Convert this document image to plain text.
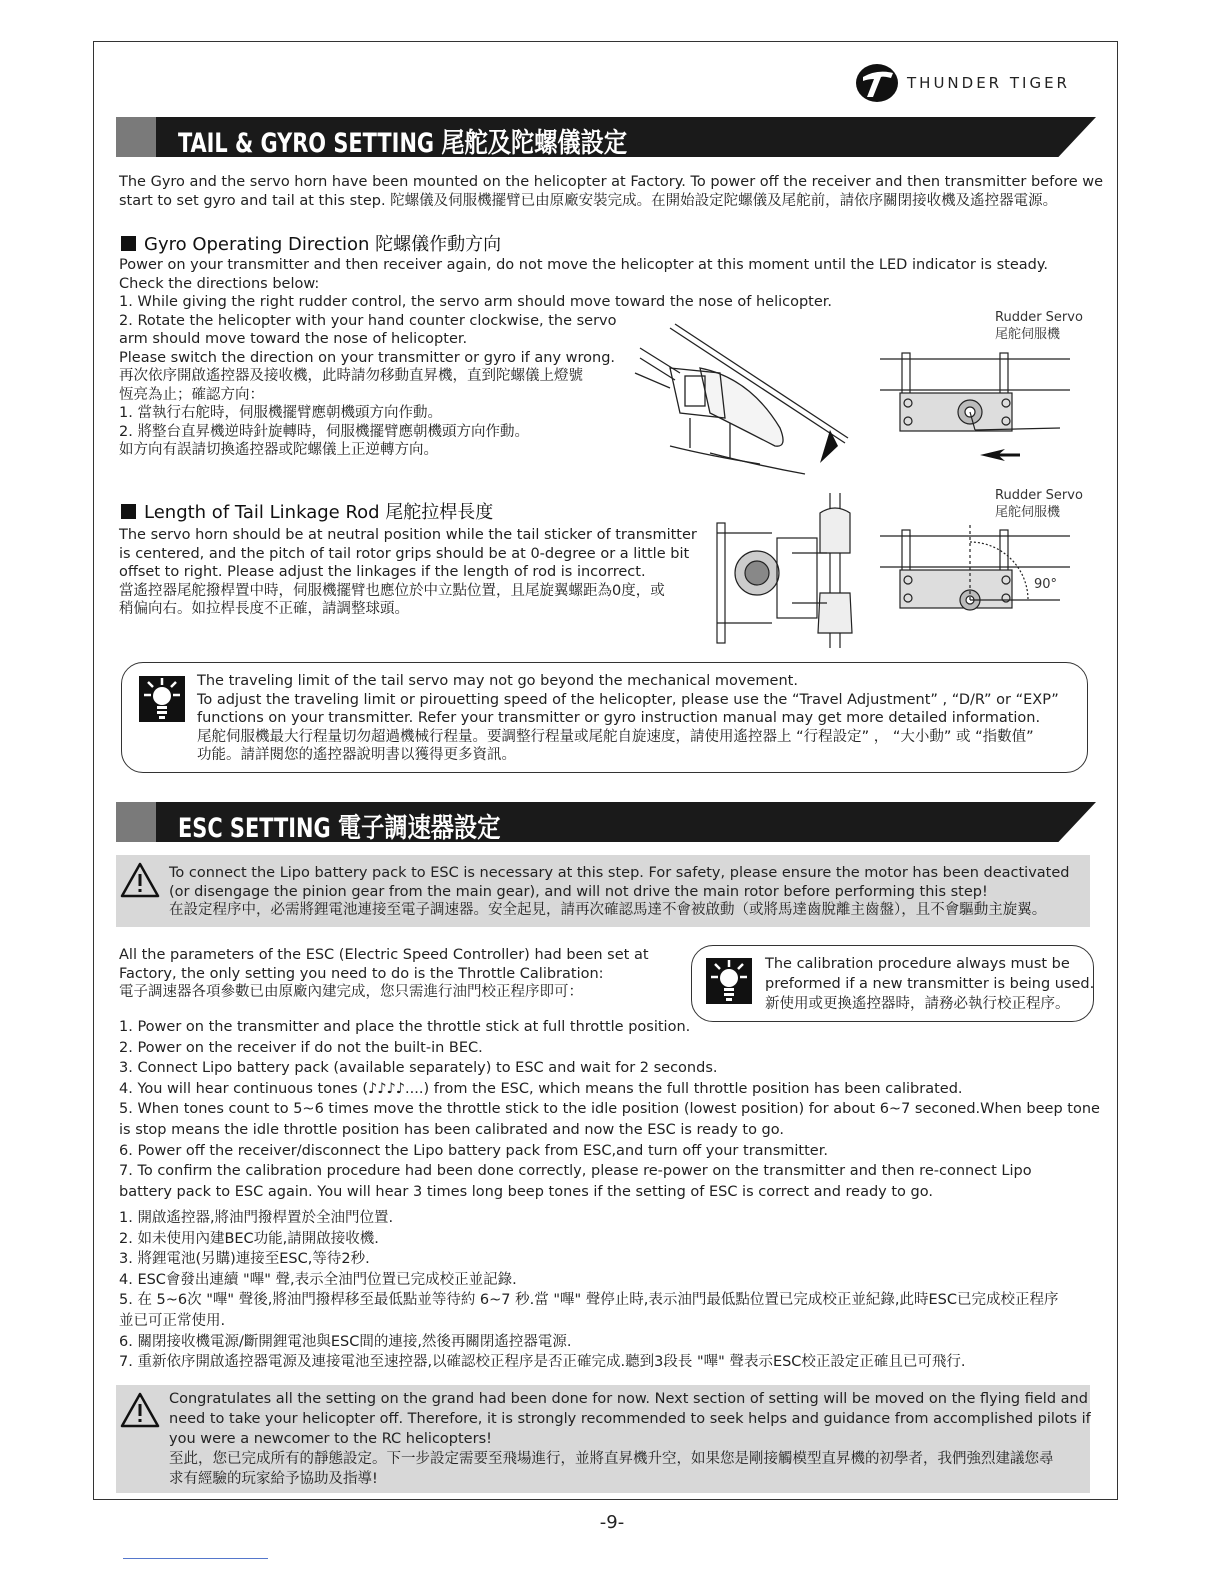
THUNDER TIGER
TAIL & GYRO SETTING 尾舵及陀螺儀設定
The Gyro and the servo horn have been mounted on the helicopter at Factory. To power off the receiver and then transmitter before we
start to set gyro and tail at this step. 陀螺儀及伺服機擺臂已由原廠安裝完成。在開始設定陀螺儀及尾舵前，請依序關閉接收機及遙控器電源。
Gyro Operating Direction 陀螺儀作動方向
Power on your transmitter and then receiver again, do not move the helicopter at this moment until the LED indicator is steady.
Check the directions below:
1. While giving the right rudder control, the servo arm should move toward the nose of helicopter.
2. Rotate the helicopter with your hand counter clockwise, the servo
arm should move toward the nose of helicopter.
Please switch the direction on your transmitter or gyro if any wrong.
再次依序開啟遙控器及接收機，此時請勿移動直昇機，直到陀螺儀上燈號
恆亮為止；確認方向：
1. 當執行右舵時，伺服機擺臂應朝機頭方向作動。
2. 將整台直昇機逆時針旋轉時，伺服機擺臂應朝機頭方向作動。
如方向有誤請切換遙控器或陀螺儀上正逆轉方向。
Rudder Servo
尾舵伺服機
Length of Tail Linkage Rod 尾舵拉桿長度
The servo horn should be at neutral position while the tail sticker of transmitter
is centered, and the pitch of tail rotor grips should be at 0-degree or a little bit
offset to right. Please adjust the linkages if the length of rod is incorrect.
當遙控器尾舵撥桿置中時，伺服機擺臂也應位於中立點位置，且尾旋翼螺距為0度，或
稍偏向右。如拉桿長度不正確，請調整球頭。
Rudder Servo
尾舵伺服機
90°
The traveling limit of the tail servo may not go beyond the mechanical movement.
To adjust the traveling limit or pirouetting speed of the helicopter, please use the “Travel Adjustment” , “D/R” or “EXP”
functions on your transmitter. Refer your transmitter or gyro instruction manual may get more detailed information.
尾舵伺服機最大行程量切勿超過機械行程量。要調整行程量或尾舵自旋速度，請使用遙控器上 “行程設定” ， “大小動” 或 “指數值”
功能。請詳閱您的遙控器說明書以獲得更多資訊。
ESC SETTING 電子調速器設定
To connect the Lipo battery pack to ESC is necessary at this step. For safety, please ensure the motor has been deactivated
(or disengage the pinion gear from the main gear), and will not drive the main rotor before performing this step!
在設定程序中，必需將鋰電池連接至電子調速器。安全起見，請再次確認馬達不會被啟動（或將馬達齒脫離主齒盤），且不會驅動主旋翼。
All the parameters of the ESC (Electric Speed Controller) had been set at
Factory, the only setting you need to do is the Throttle Calibration:
電子調速器各項參數已由原廠內建完成，您只需進行油門校正程序即可：
The calibration procedure always must be
preformed if a new transmitter is being used.
新使用或更換遙控器時，請務必執行校正程序。
1. Power on the transmitter and place the throttle stick at full throttle position.
2. Power on the receiver if do not the built-in BEC.
3. Connect Lipo battery pack (available separately) to ESC and wait for 2 seconds.
4. You will hear continuous tones (♪♪♪♪....) from the ESC, which means the full throttle position has been calibrated.
5. When tones count to 5~6 times move the throttle stick to the idle position (lowest position) for about 6~7 seconed.When beep tone
is stop means the idle throttle position has been calibrated and now the ESC is ready to go.
6. Power off the receiver/disconnect the Lipo battery pack from ESC,and turn off your transmitter.
7. To confirm the calibration procedure had been done correctly, please re-power on the transmitter and then re-connect Lipo
battery pack to ESC again. You will hear 3 times long beep tones if the setting of ESC is correct and ready to go.
1. 開啟遙控器,將油門撥桿置於全油門位置.
2. 如未使用內建BEC功能,請開啟接收機.
3. 將鋰電池(另購)連接至ESC,等待2秒.
4. ESC會發出連續 "嗶" 聲,表示全油門位置已完成校正並記錄.
5. 在 5~6次 "嗶" 聲後,將油門撥桿移至最低點並等待約 6~7 秒.當 "嗶" 聲停止時,表示油門最低點位置已完成校正並紀錄,此時ESC已完成校正程序
並已可正常使用.
6. 關閉接收機電源/斷開鋰電池與ESC間的連接,然後再關閉遙控器電源.
7. 重新依序開啟遙控器電源及連接電池至速控器,以確認校正程序是否正確完成.聽到3段長 "嗶" 聲表示ESC校正設定正確且已可飛行.
Congratulates all the setting on the grand had been done for now. Next section of setting will be moved on the flying field and
need to take your helicopter off. Therefore, it is strongly recommended to seek helps and guidance from accomplished pilots if
you were a newcomer to the RC helicopters!
至此，您已完成所有的靜態設定。下一步設定需要至飛場進行，並將直昇機升空，如果您是剛接觸模型直昇機的初學者，我們強烈建議您尋
求有經驗的玩家給予協助及指導!
-9-
